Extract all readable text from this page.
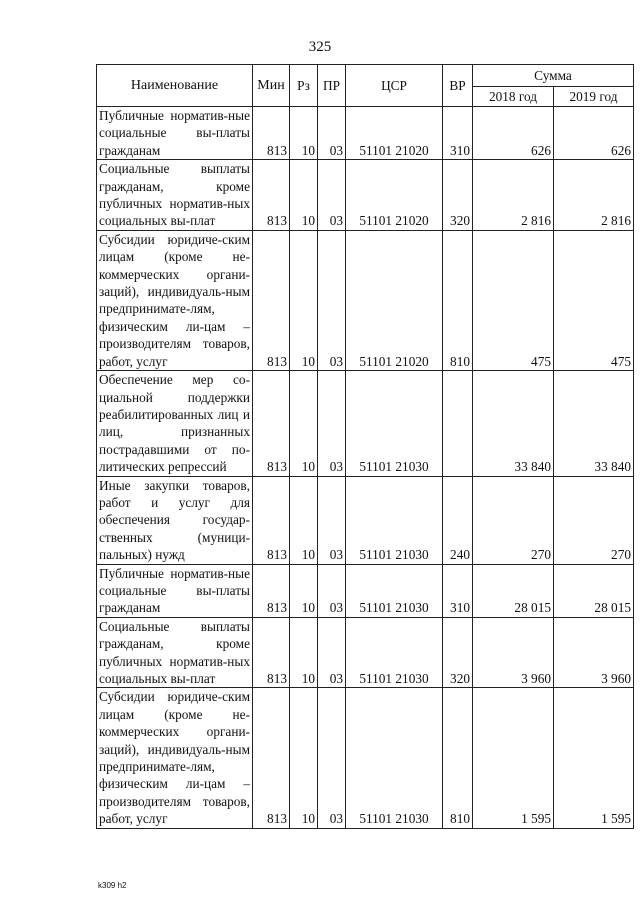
325
Наименование	Мин	Рз	ПР	ЦСР	ВР	Сумма	
						2018 год	2019 год
Публичные норматив-ные социальные вы-платы гражданам	813	10	03	51101 21020	310	626	626
Социальные выплаты гражданам, кроме публичных норматив-ных социальных вы-плат	813	10	03	51101 21020	320	2 816	2 816
Субсидии юридиче-ским лицам (кроме не-коммерческих органи-заций), индивидуаль-ным предпринимате-лям, физическим ли-цам – производителям товаров, работ, услуг	813	10	03	51101 21020	810	475	475
Обеспечение мер со-циальной поддержки реабилитированных лиц и лиц, признанных пострадавшими от по-литических репрессий	813	10	03	51101 21030		33 840	33 840
Иные закупки товаров, работ и услуг для обеспечения государ-ственных (муници-пальных) нужд	813	10	03	51101 21030	240	270	270
Публичные норматив-ные социальные вы-платы гражданам	813	10	03	51101 21030	310	28 015	28 015
Социальные выплаты гражданам, кроме публичных норматив-ных социальных вы-плат	813	10	03	51101 21030	320	3 960	3 960
Субсидии юридиче-ским лицам (кроме не-коммерческих органи-заций), индивидуаль-ным предпринимате-лям, физическим ли-цам – производителям товаров, работ, услуг	813	10	03	51101 21030	810	1 595	1 595
k309 h2
